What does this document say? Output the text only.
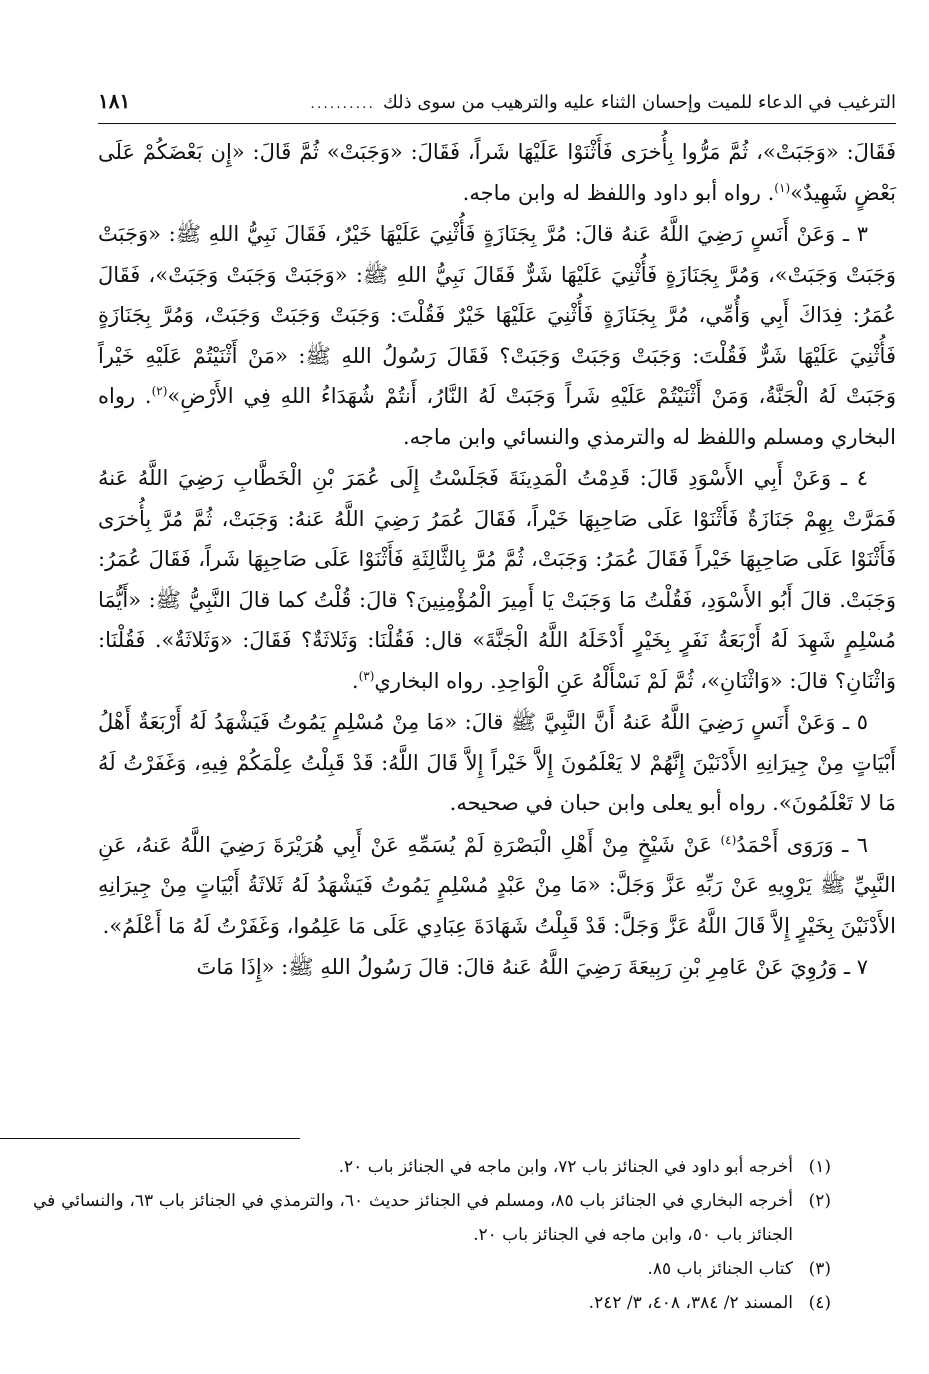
الترغيب في الدعاء للميت وإحسان الثناء عليه والترهيب من سوى ذلك
..........
١٨١

فَقَالَ: «وَجَبَتْ»، ثُمَّ مَرُّوا بِأُخرَى فَأَثْنَوْا عَلَيْهَا شَراً، فَقَالَ: «وَجَبَتْ» ثُمَّ قَالَ: «إِن بَعْضَكُمْ عَلَى بَعْضٍ شَهِيدٌ»$^{(١)}$. رواه أبو داود واللفظ له وابن ماجه.

٣ ـ وَعَنْ أَنَسٍ رَضِيَ اللَّهُ عَنهُ قالَ: مُرَّ بِجَنَازَةٍ فَأُثْنِيَ عَلَيْهَا خَيْرٌ، فَقَالَ نَبِيُّ اللهِ ﷺ: «وَجَبَتْ وَجَبَتْ وَجَبَتْ»، وَمُرَّ بِجَنَازَةٍ فَأُثْنِيَ عَلَيْهَا شَرٌّ فَقَالَ نَبِيُّ اللهِ ﷺ: «وَجَبَتْ وَجَبَتْ وَجَبَتْ»، فَقَالَ عُمَرُ: فِدَاكَ أَبِي وَأُمِّي، مُرَّ بِجَنَازَةٍ فَأُثْنِيَ عَلَيْهَا خَيْرٌ فَقُلْتَ: وَجَبَتْ وَجَبَتْ وَجَبَتْ، وَمُرَّ بِجَنَازَةٍ فَأُثْنِيَ عَلَيْهَا شَرٌّ فَقُلْتَ: وَجَبَتْ وَجَبَتْ وَجَبَتْ؟ فَقَالَ رَسُولُ اللهِ ﷺ: «مَنْ أَثْنَيْتُمْ عَلَيْهِ خَيْراً وَجَبَتْ لَهُ الْجَنَّةُ، وَمَنْ أَثْنَيْتُمْ عَلَيْهِ شَراً وَجَبَتْ لَهُ النَّارُ، أَنتُمْ شُهَدَاءُ اللهِ فِي الأَرْضِ»$^{(٢)}$. رواه البخاري ومسلم واللفظ له والترمذي والنسائي وابن ماجه.

٤ ـ وَعَنْ أَبِي الأَسْوَدِ قَالَ: قَدِمْتُ الْمَدِينَةَ فَجَلَسْتُ إِلَى عُمَرَ بْنِ الْخَطَّابِ رَضِيَ اللَّهُ عَنهُ فَمَرَّتْ بِهِمْ جَنَازَةٌ فَأَثْنَوْا عَلَى صَاحِبِهَا خَيْراً، فَقَالَ عُمَرُ رَضِيَ اللَّهُ عَنهُ: وَجَبَتْ، ثُمَّ مُرَّ بِأُخرَى فَأَثْنَوْا عَلَى صَاحِبِهَا خَيْراً فَقَالَ عُمَرُ: وَجَبَتْ، ثُمَّ مُرَّ بِالثَّالِثَةِ فَأَثْنَوْا عَلَى صَاحِبِهَا شَراً، فَقَالَ عُمَرُ: وَجَبَتْ. قالَ أَبُو الأَسْوَدِ، فَقُلْتُ مَا وَجَبَتْ يَا أَمِيرَ الْمُؤْمِنِينَ؟ قالَ: قُلْتُ كما قالَ النَّبِيُّ ﷺ: «أَيُّمَا مُسْلِمٍ شَهِدَ لَهُ أَرْبَعَةُ نَفَرٍ بِخَيْرٍ أَدْخَلَهُ اللَّهُ الْجَنَّةَ» قال: فَقُلْنَا: وَثَلاثَةٌ؟ فَقَالَ: «وَثَلاثَةٌ». فَقُلْنَا: وَاثْنَانِ؟ قالَ: «وَاثْنَانِ»، ثُمَّ لَمْ نَسْأَلْهُ عَنِ الْوَاحِدِ. رواه البخاري$^{(٣)}$.

٥ ـ وَعَنْ أَنَسٍ رَضِيَ اللَّهُ عَنهُ أَنَّ النَّبِيَّ ﷺ قالَ: «مَا مِنْ مُسْلِمٍ يَمُوتُ فَيَشْهَدُ لَهُ أَرْبَعَةٌ أَهْلُ أَبْيَاتٍ مِنْ جِيرَانِهِ الأَدْنَيْنَ إِنَّهُمْ لا يَعْلَمُونَ إِلاَّ خَيْراً إِلاَّ قَالَ اللَّهُ: قَدْ قَبِلْتُ عِلْمَكُمْ فِيهِ، وَغَفَرْتُ لَهُ مَا لا تَعْلَمُونَ». رواه أبو يعلى وابن حبان في صحيحه.

٦ ـ وَرَوَى أَحْمَدُ$^{(٤)}$ عَنْ شَيْخٍ مِنْ أَهْلِ الْبَصْرَةِ لَمْ يُسَمِّهِ عَنْ أَبِي هُرَيْرَةَ رَضِيَ اللَّهُ عَنهُ، عَنِ النَّبِيِّ ﷺ يَرْوِيهِ عَنْ رَبِّهِ عَزَّ وَجَلَّ: «مَا مِنْ عَبْدٍ مُسْلِمٍ يَمُوتُ فَيَشْهَدُ لَهُ ثَلاثَةُ أَبْيَاتٍ مِنْ جِيرَانِهِ الأَدْنَيْنَ بِخَيْرٍ إِلاَّ قَالَ اللَّهُ عَزَّ وَجَلَّ: قَدْ قَبِلْتُ شَهَادَةَ عِبَادِي عَلَى مَا عَلِمُوا، وَغَفَرْتُ لَهُ مَا أَعْلَمُ».

٧ ـ وَرُوِيَ عَنْ عَامِرِ بْنِ رَبِيعَةَ رَضِيَ اللَّهُ عَنهُ قالَ: قالَ رَسُولُ اللهِ ﷺ: «إِذَا مَاتَ

(١)
أخرجه أبو داود في الجنائز باب ٧٢، وابن ماجه في الجنائز باب ٢٠.
(٢)
أخرجه البخاري في الجنائز باب ٨٥، ومسلم في الجنائز حديث ٦٠، والترمذي في الجنائز باب ٦٣، والنسائي في الجنائز باب ٥٠، وابن ماجه في الجنائز باب ٢٠.
(٣)
كتاب الجنائز باب ٨٥.
(٤)
المسند ٢/ ٣٨٤، ٤٠٨، ٣/ ٢٤٢.
